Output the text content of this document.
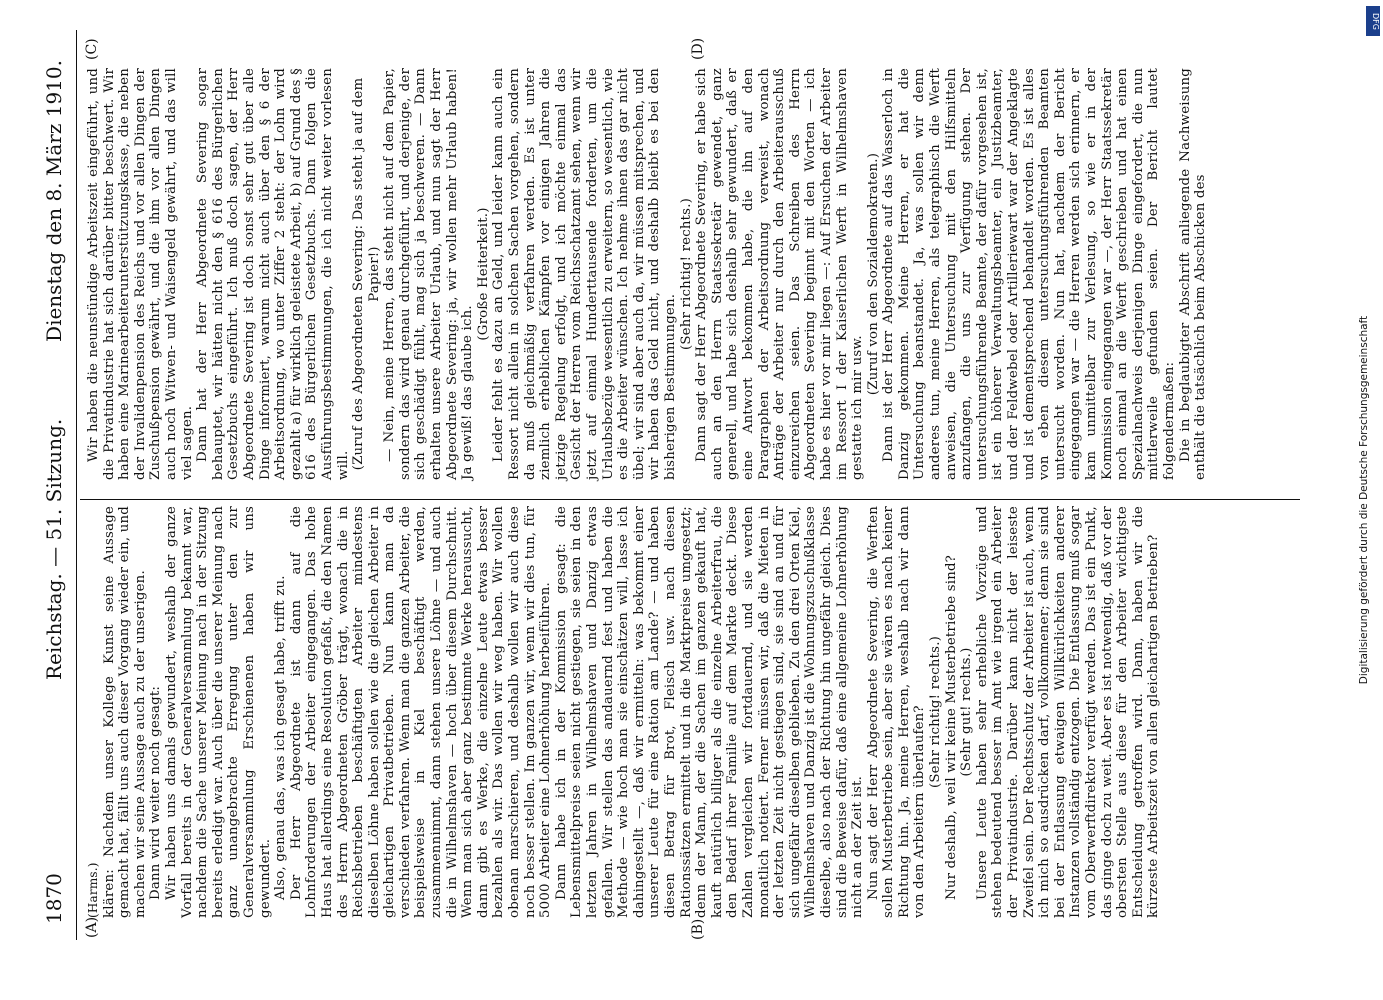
1870
Reichstag. — 51. Sitzung.
Dienstag den 8. März 1910.
(A)	(B)
(C)	(D)

(Harms.) klären: Nachdem unser Kollege Kunst seine Aussage gemacht hat, fällt uns auch dieser Vorgang wieder ein, und machen wir seine Aussage auch zu der unserigen. Dann wird weiter noch gesagt: Wir haben uns damals gewundert, weshalb der ganze Vorfall bereits in der Generalversammlung bekannt war, nachdem die Sache unserer Meinung nach in der Sitzung bereits erledigt war. Auch über die unserer Meinung nach ganz unangebrachte Erregung unter den zur Generalversammlung Erschienenen haben wir uns gewundert. Also, genau das, was ich gesagt habe, trifft zu. Der Herr Abgeordnete ist dann auf die Lohnforderungen der Arbeiter eingegangen. Das hohe Haus hat allerdings eine Resolution gefaßt, die den Namen des Herrn Abgeordneten Gröber trägt, wonach die in Reichsbetrieben beschäftigten Arbeiter mindestens dieselben Löhne haben sollen wie die gleichen Arbeiter in gleichartigen Privatbetrieben. Nun kann man da verschieden verfahren. Wenn man die ganzen Arbeiter, die beispielsweise in Kiel beschäftigt werden, zusammennimmt, dann stehen unsere Löhne — und auch die in Wilhelmshaven — hoch über diesem Durchschnitt. Wenn man sich aber ganz bestimmte Werke heraussucht, dann gibt es Werke, die einzelne Leute etwas besser bezahlen als wir. Das wollen wir weg haben. Wir wollen obenan marschieren, und deshalb wollen wir auch diese noch besser stellen. Im ganzen wir, wenn wir dies tun, für 5000 Arbeiter eine Lohnerhöhung herbeiführen. Dann habe ich in der Kommission gesagt: die Lebensmittelpreise seien nicht gestiegen, sie seien in den letzten Jahren in Wilhelmshaven und Danzig etwas gefallen. Wir stellen das andauernd fest und haben die Methode — wie hoch man sie einschätzen will, lasse ich dahingestellt —, daß wir ermitteln: was bekommt einer unserer Leute für eine Ration am Lande? — und haben diesen Betrag für Brot, Fleisch usw. nach diesen Rationssätzen ermittelt und in die Marktpreise umgesetzt; denn der Mann, der die Sachen im ganzen gekauft hat, kauft natürlich billiger als die einzelne Arbeiterfrau, die den Bedarf ihrer Familie auf dem Markte deckt. Diese Zahlen vergleichen wir fortdauernd, und sie werden monatlich notiert. Ferner müssen wir, daß die Mieten in der letzten Zeit nicht gestiegen sind, sie sind an und für sich ungefähr dieselben geblieben. Zu den drei Orten Kiel, Wilhelmshaven und Danzig ist die Wohnungszuschußklasse dieselbe, also nach der Richtung hin ungefähr gleich. Dies sind die Beweise dafür, daß eine allgemeine Lohnerhöhung nicht an der Zeit ist. Nun sagt der Herr Abgeordnete Severing, die Werften sollen Musterbetriebe sein, aber sie wären es nach keiner Richtung hin. Ja, meine Herren, weshalb nach wir dann von den Arbeitern überlaufen? (Sehr richtig! rechts.) Nur deshalb, weil wir keine Musterbetriebe sind? (Sehr gut! rechts.) Unsere Leute haben sehr erhebliche Vorzüge und stehen bedeutend besser im Amt wie irgend ein Arbeiter der Privatindustrie. Darüber kann nicht der leiseste Zweifel sein. Der Rechtsschutz der Arbeiter ist auch, wenn ich mich so ausdrücken darf, vollkommener; denn sie sind bei der Entlassung etwaigen Willkürlichkeiten anderer Instanzen vollständig entzogen. Die Entlassung muß sogar vom Oberwerftdirektor verfügt werden. Das ist ein Punkt, das ginge doch zu weit. Aber es ist notwendig, daß vor der obersten Stelle aus diese für den Arbeiter wichtigste Entscheidung getroffen wird. Dann, haben wir die kürzeste Arbeitszeit von allen gleichartigen Betrieben?

Wir haben die neunstündige Arbeitszeit eingeführt, und die Privatindustrie hat sich darüber bitter beschwert. Wir haben eine Marinearbeiterunterstützungskasse, die neben der Invalidenpension des Reichs und vor allen Dingen der Zuschußpension gewährt, und die ihm vor allen Dingen auch noch Witwen- und Waisengeld gewährt, und das will viel sagen. Dann hat der Herr Abgeordnete Severing sogar behauptet, wir hätten nicht den § 616 des Bürgerlichen Gesetzbuchs eingeführt. Ich muß doch sagen, der Herr Abgeordnete Severing ist doch sonst sehr gut über alle Dinge informiert, warum nicht auch über den § 6 der Arbeitsordnung, wo unter Ziffer 2 steht: der Lohn wird gezahlt a) für wirklich geleistete Arbeit, b) auf Grund des § 616 des Bürgerlichen Gesetzbuchs. Dann folgen die Ausführungsbestimmungen, die ich nicht weiter vorlesen will. (Zuruf des Abgeordneten Severing: Das steht ja auf dem Papier!) — Nein, meine Herren, das steht nicht auf dem Papier, sondern das wird genau durchgeführt, und derjenige, der sich geschädigt fühlt, mag sich ja beschweren. — Dann erhalten unsere Arbeiter Urlaub, und nun sagt der Herr Abgeordnete Severing: ja, wir wollen mehr Urlaub haben! Ja gewiß! das glaube ich.

(Große Heiterkeit.) Leider fehlt es dazu an Geld, und leider kann auch ein Ressort nicht allein in solchen Sachen vorgehen, sondern da muß gleichmäßig verfahren werden. Es ist unter ziemlich erheblichen Kämpfen vor einigen Jahren die jetzige Regelung erfolgt, und ich möchte einmal das Gesicht der Herren vom Reichsschatzamt sehen, wenn wir jetzt auf einmal Hunderttausende forderten, um die Urlaubsbezüge wesentlich zu erweitern, so wesentlich, wie es die Arbeiter wünschen. Ich nehme ihnen das gar nicht übel; wir sind aber auch da, wir müssen mitsprechen, und wir haben das Geld nicht, und deshalb bleibt es bei den bisherigen Bestimmungen.

(Sehr richtig! rechts.) Dann sagt der Herr Abgeordnete Severing, er habe sich auch an den Herrn Staatssekretär gewendet, ganz generell, und habe sich deshalb sehr gewundert, daß er eine Antwort bekommen habe, die ihn auf den Paragraphen der Arbeitsordnung verweist, wonach Anträge der Arbeiter nur durch den Arbeiterausschuß einzureichen seien. Das Schreiben des Herrn Abgeordneten Severing beginnt mit den Worten — ich habe es hier vor mir liegen —: Auf Ersuchen der Arbeiter im Ressort I der Kaiserlichen Werft in Wilhelmshaven gestatte ich mir usw.

(Zuruf von den Sozialdemokraten.) Dann ist der Herr Abgeordnete auf das Wasserloch in Danzig gekommen. Meine Herren, er hat die Untersuchung beanstandet. Ja, was sollen wir denn anderes tun, meine Herren, als telegraphisch die Werft anweisen, die Untersuchung mit den Hilfsmitteln anzufangen, die uns zur Verfügung stehen. Der untersuchungsführende Beamte, der dafür vorgesehen ist, ist ein höherer Verwaltungsbeamter, ein Justizbeamter, und der Feldwebel oder Artilleriewart war der Angeklagte und ist dementsprechend behandelt worden. Es ist alles von eben diesem untersuchungsführenden Beamten untersucht worden. Nun hat, nachdem der Bericht eingegangen war — die Herren werden sich erinnern, er kam unmittelbar zur Verlesung, so wie er in der Kommission eingegangen war —, der Herr Staatssekretär noch einmal an die Werft geschrieben und hat einen Spezialnachweis derjenigen Dinge eingefordert, die nun mittlerweile gefunden seien. Der Bericht lautet folgendermaßen: Die in beglaubigter Abschrift anliegende Nachweisung enthält die tatsächlich beim Abschicken des	Digitalisierung gefördert durch die Deutsche Forschungsgemeinschaft
DFG
